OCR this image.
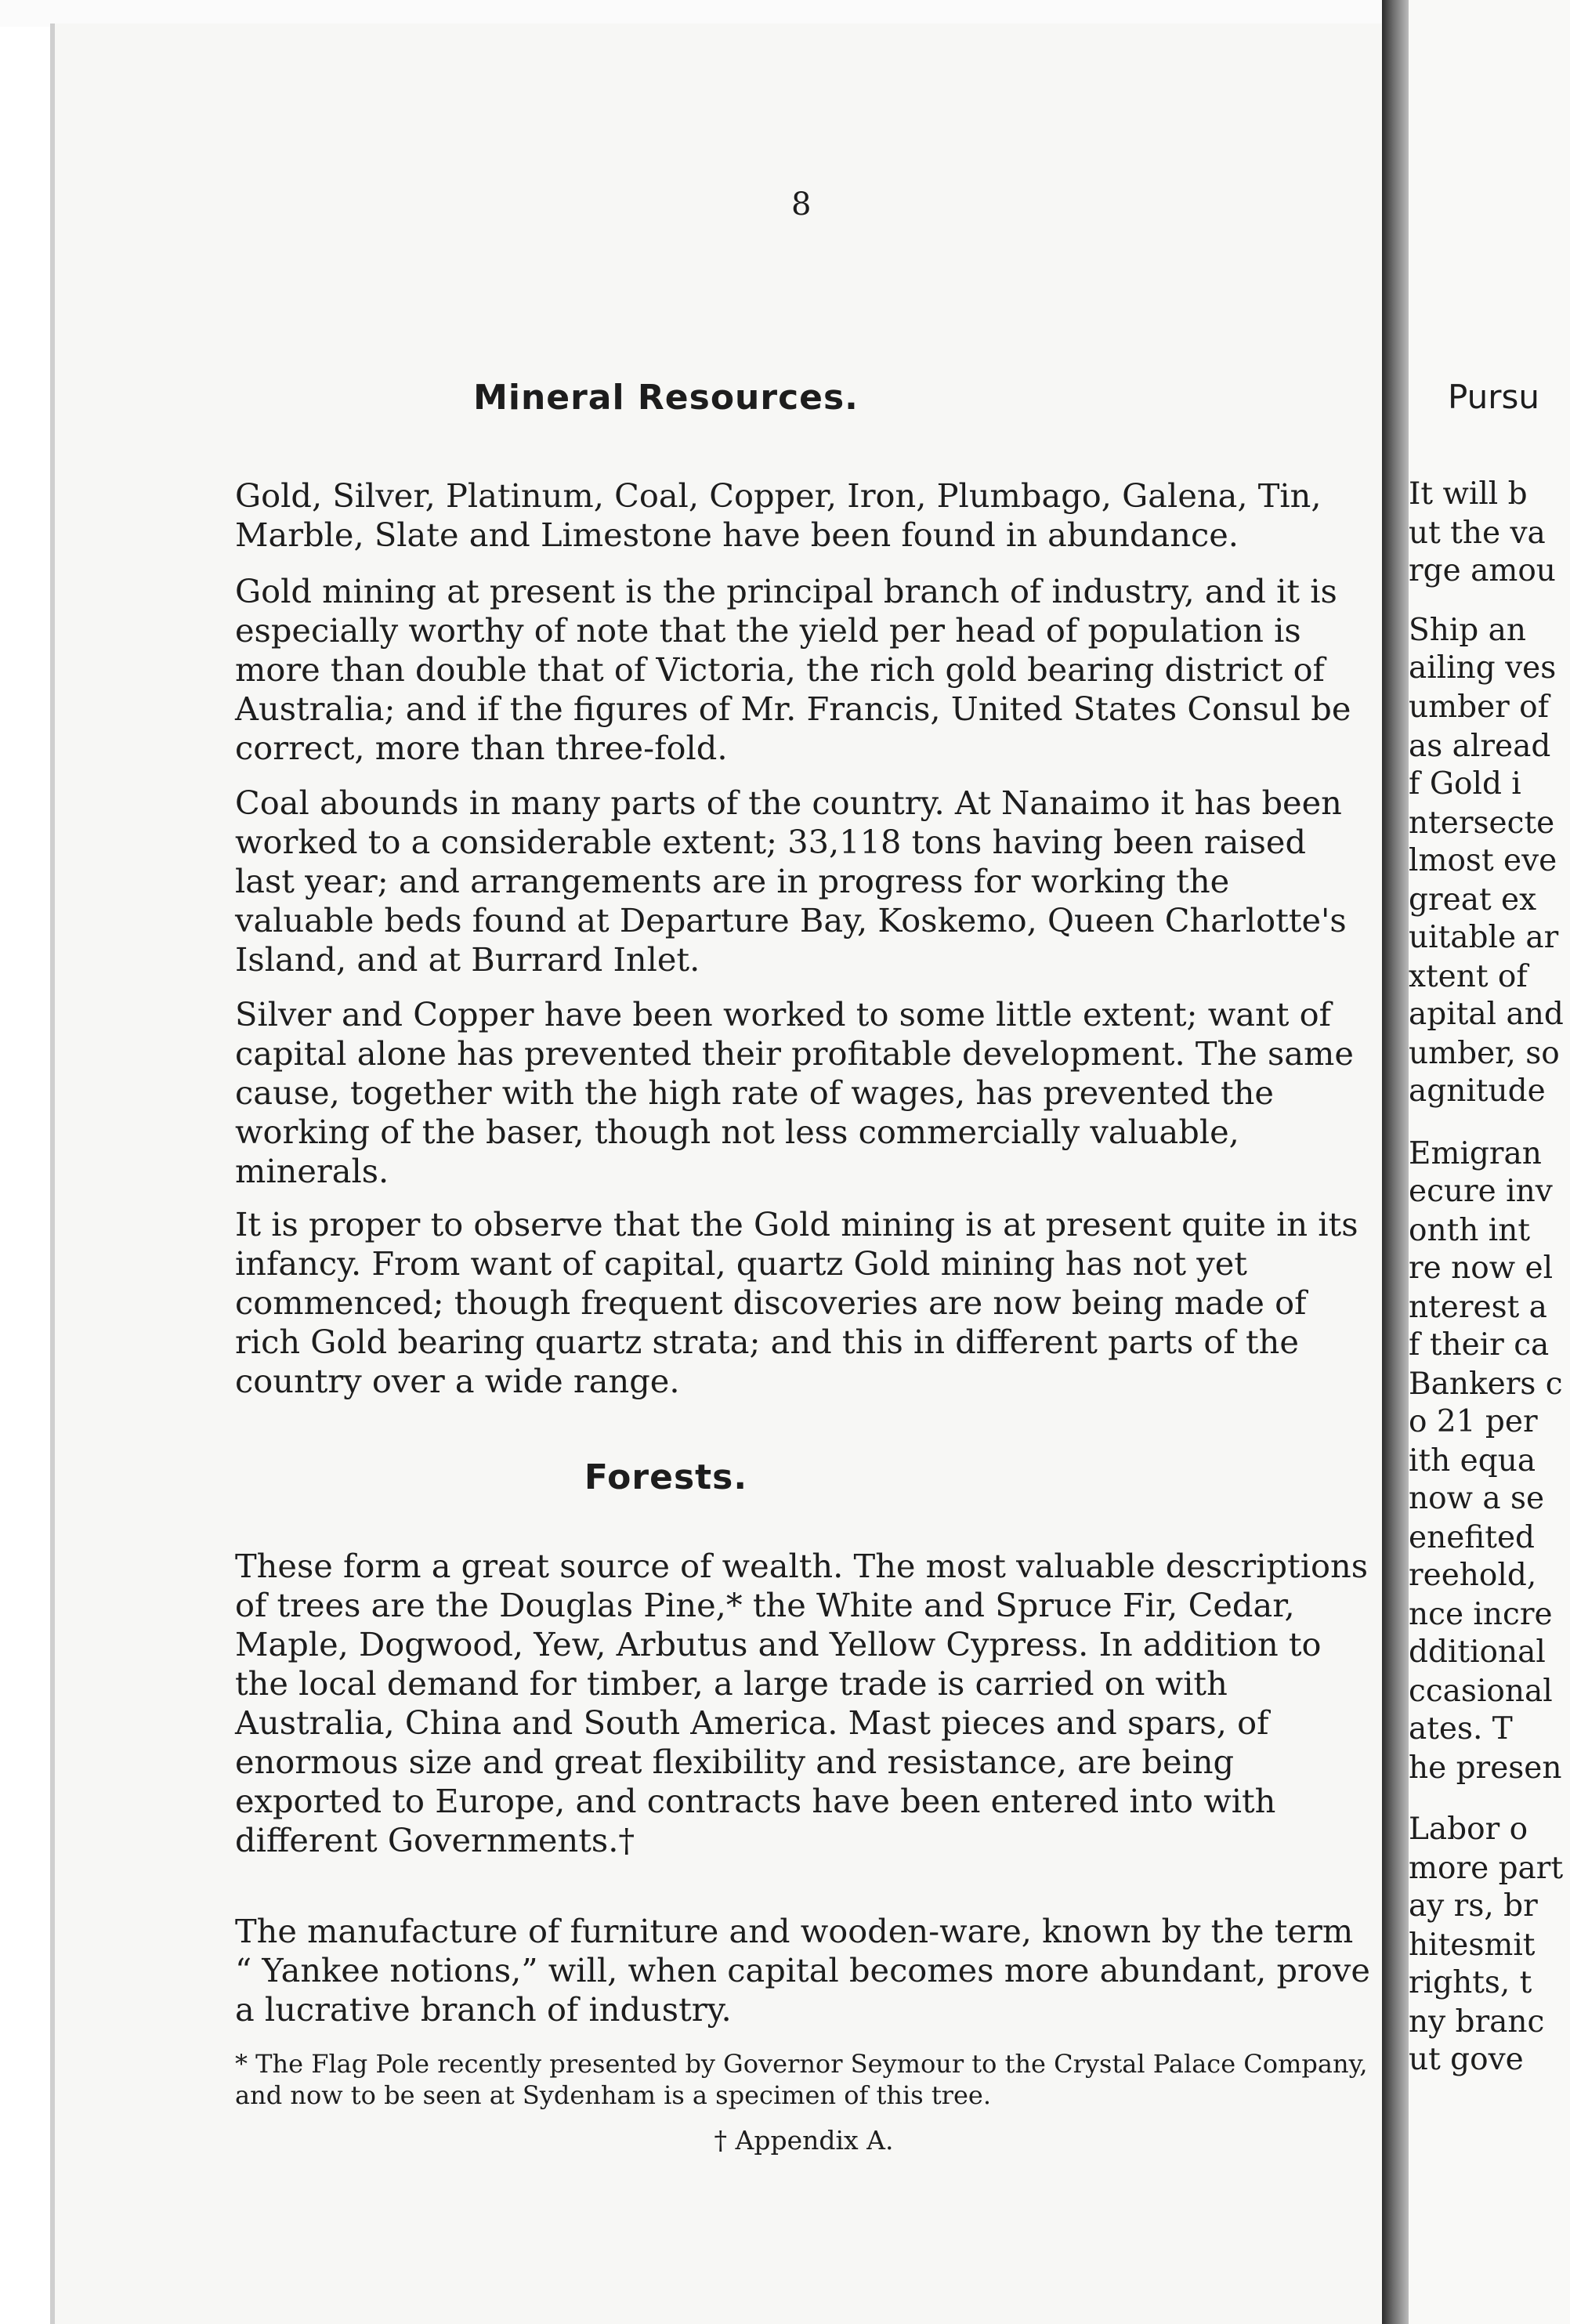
8

Mineral Resources.

Gold, Silver, Platinum, Coal, Copper, Iron, Plumbago, Galena, Tin, Marble, Slate and Limestone have been found in abundance.

Gold mining at present is the principal branch of industry, and it is especially worthy of note that the yield per head of population is more than double that of Victoria, the rich gold bearing district of Australia; and if the figures of Mr. Francis, United States Consul be correct, more than three-fold.

Coal abounds in many parts of the country. At Nanaimo it has been worked to a considerable extent; 33,118 tons having been raised last year; and arrangements are in progress for working the valuable beds found at Departure Bay, Koskemo, Queen Charlotte's Island, and at Burrard Inlet.

Silver and Copper have been worked to some little extent; want of capital alone has prevented their profitable development. The same cause, together with the high rate of wages, has prevented the working of the baser, though not less commercially valuable, minerals.

It is proper to observe that the Gold mining is at present quite in its infancy. From want of capital, quartz Gold mining has not yet commenced; though frequent discoveries are now being made of rich Gold bearing quartz strata; and this in different parts of the country over a wide range.

Forests.

These form a great source of wealth. The most valuable descriptions of trees are the Douglas Pine,* the White and Spruce Fir, Cedar, Maple, Dogwood, Yew, Arbutus and Yellow Cypress. In addition to the local demand for timber, a large trade is carried on with Australia, China and South America. Mast pieces and spars, of enormous size and great flexibility and resistance, are being exported to Europe, and contracts have been entered into with different Governments.†

The manufacture of furniture and wooden-ware, known by the term “ Yankee notions,” will, when capital becomes more abundant, prove a lucrative branch of industry.

* The Flag Pole recently presented by Governor Seymour to the Crystal Palace Company, and now to be seen at Sydenham is a specimen of this tree.

† Appendix A.

Pursu

It will b

ut the va

rge amou

Ship an

ailing ves

umber of

as alread

f Gold i

ntersecte

lmost eve

great ex

uitable ar

xtent of

apital and

umber, so

agnitude

Emigran

ecure inv

onth int

re now el

nterest a

f their ca

Bankers c

o 21 per

ith equa

now a se

enefited

reehold,

nce incre

dditional

ccasional

ates. T

he presen

Labor o

more part

ay rs, br

hitesmit

rights, t

ny branc

ut gove
